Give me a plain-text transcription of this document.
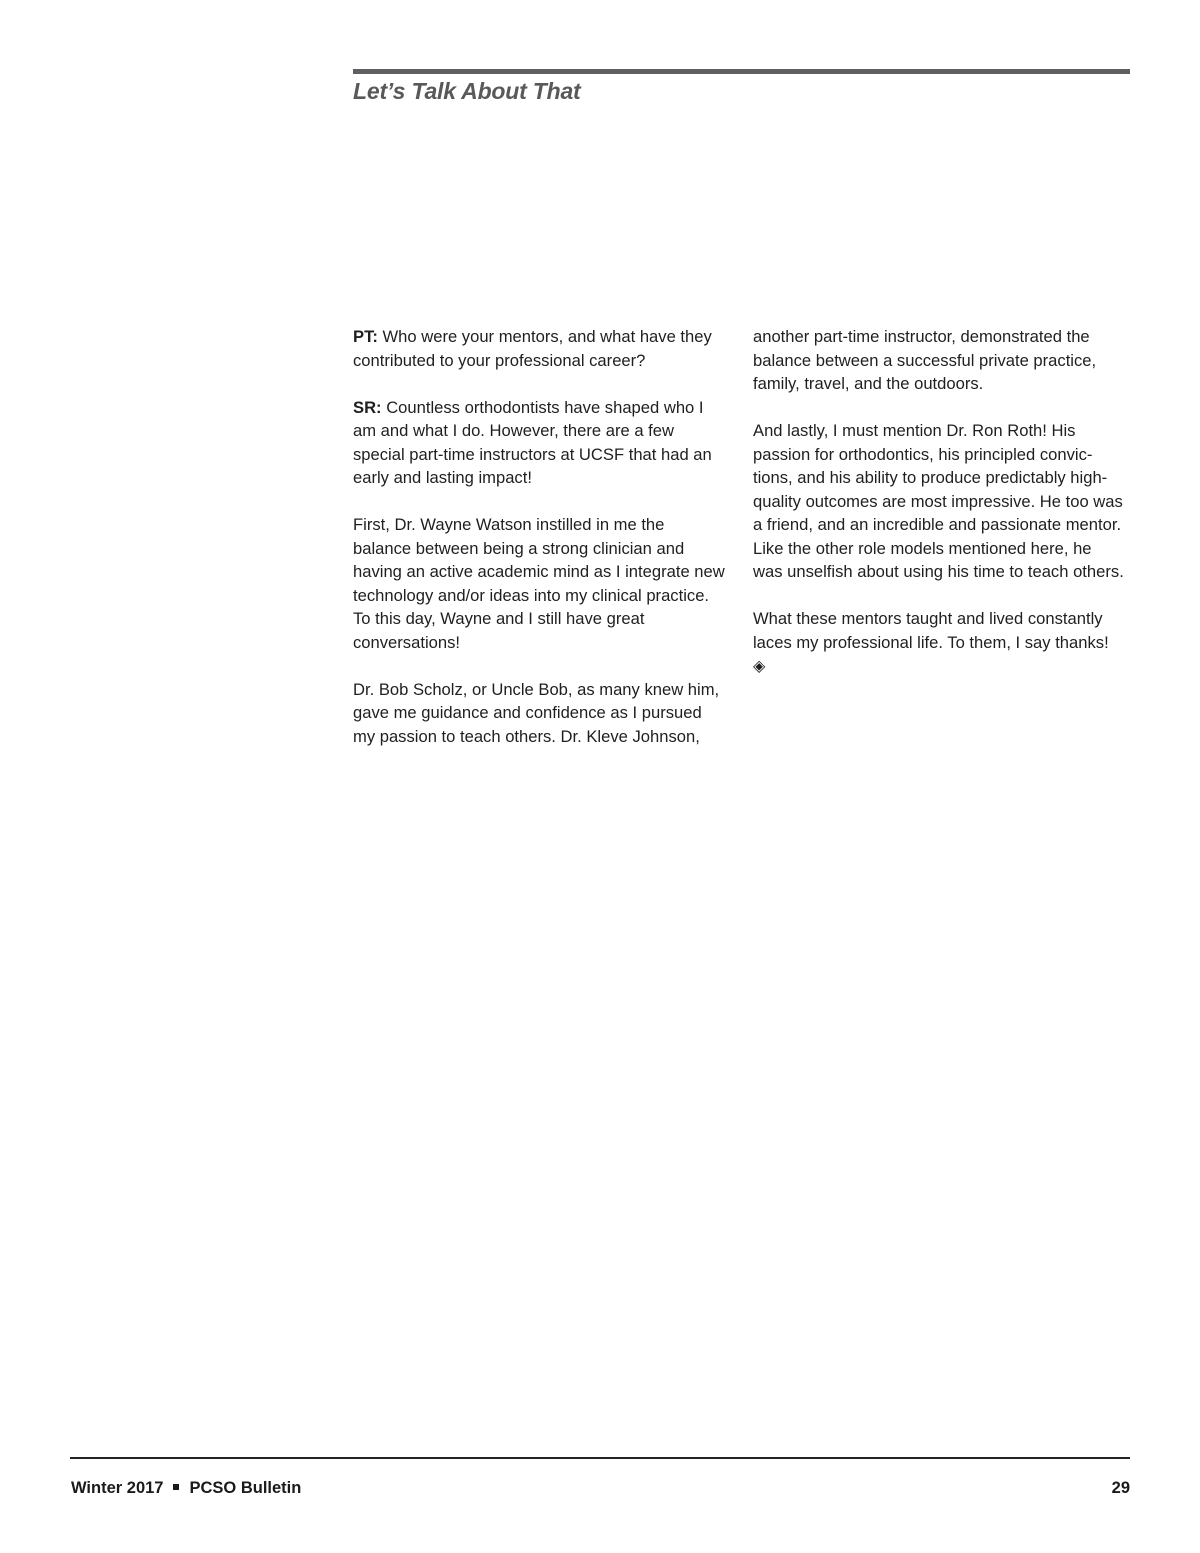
Let’s Talk About That

PT: Who were your mentors, and what have they contributed to your professional career?

SR: Countless orthodontists have shaped who I am and what I do. However, there are a few special part-time instructors at UCSF that had an early and lasting impact!

First, Dr. Wayne Watson instilled in me the balance between being a strong clinician and having an active academic mind as I integrate new technology and/or ideas into my clinical practice. To this day, Wayne and I still have great conversations!

Dr. Bob Scholz, or Uncle Bob, as many knew him, gave me guidance and confidence as I pursued my passion to teach others. Dr. Kleve Johnson,

another part-time instructor, demonstrated the balance between a successful private practice, family, travel, and the outdoors.

And lastly, I must mention Dr. Ron Roth! His passion for orthodontics, his principled convic-tions, and his ability to produce predictably high-quality outcomes are most impressive. He too was a friend, and an incredible and passionate mentor. Like the other role models mentioned here, he was unselfish about using his time to teach others.

What these mentors taught and lived constantly laces my professional life. To them, I say thanks!
◈

Winter 2017 PCSO Bulletin	29
